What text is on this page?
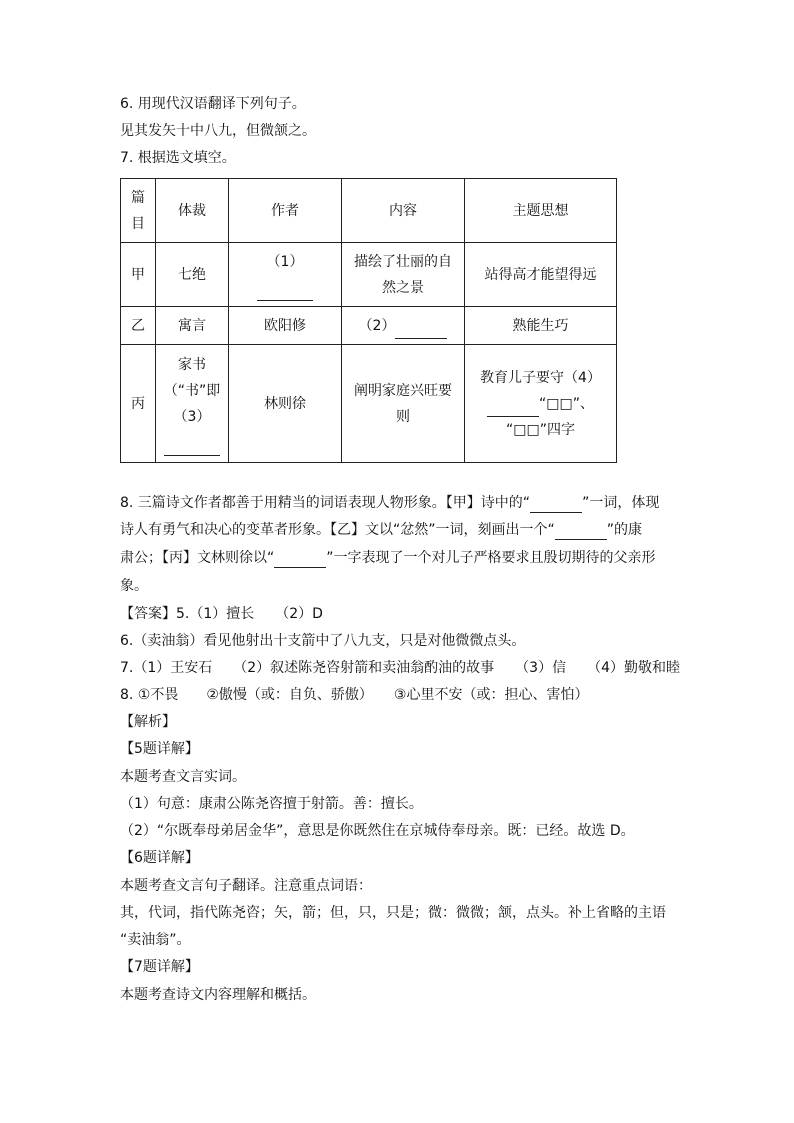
6. 用现代汉语翻译下列句子。
见其发矢十中八九，但微颔之。
7. 根据选文填空。
篇目	体裁	作者	内容	主题思想
甲	七绝	（1）	描绘了壮丽的自然之景	站得高才能望得远
乙	寓言	欧阳修	（2）	熟能生巧
丙	家书（“书”即（3）	林则徐	阐明家庭兴旺要则	教育儿子要守（4）
“□□”、
“□□”四字
8. 三篇诗文作者都善于用精当的词语表现人物形象。【甲】诗中的“	”一词，体现
诗人有勇气和决心的变革者形象。【乙】文以“忿然”一词，刻画出一个“	”的康
肃公；【丙】文林则徐以“	”一字表现了一个对儿子严格要求且殷切期待的父亲形
象。
【答案】5.（1）擅长　　（2）D
6.（卖油翁）看见他射出十支箭中了八九支，只是对他微微点头。
7.（1）王安石　　（2）叙述陈尧咨射箭和卖油翁酌油的故事　　（3）信　　（4）勤敬和睦
8. ①不畏　　②傲慢（或：自负、骄傲）　　③心里不安（或：担心、害怕）
【解析】
【5题详解】
本题考查文言实词。
（1）句意：康肃公陈尧咨擅于射箭。善：擅长。
（2）“尔既奉母弟居金华”，意思是你既然住在京城侍奉母亲。既：已经。故选 D。
【6题详解】
本题考查文言句子翻译。注意重点词语：
其，代词，指代陈尧咨；矢，箭；但，只，只是；微：微微；颔，点头。补上省略的主语
“卖油翁”。
【7题详解】
本题考查诗文内容理解和概括。
